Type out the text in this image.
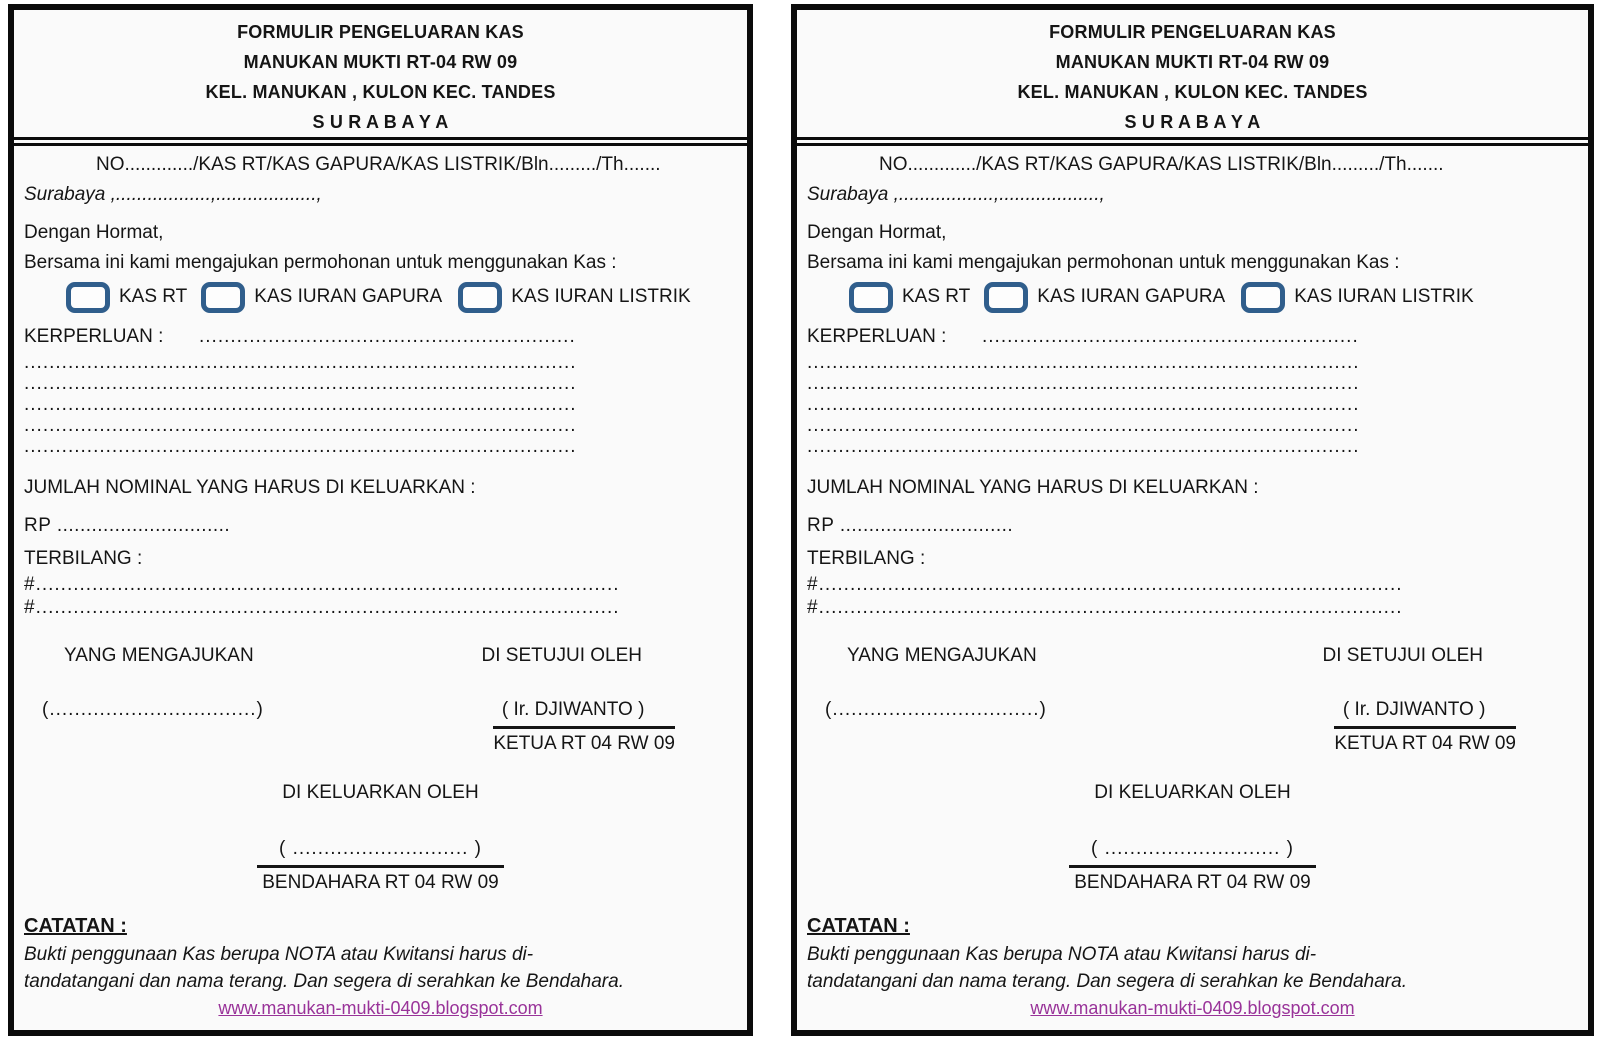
FORMULIR PENGELUARAN KAS
MANUKAN MUKTI RT-04 RW 09
KEL. MANUKAN , KULON KEC. TANDES
S U R A B A Y A
NO............./KAS RT/KAS GAPURA/KAS LISTRIK/Bln........./Th.......
Surabaya ,..................,...................,
Dengan Hormat,
Bersama ini kami mengajukan permohonan untuk menggunakan Kas :
KAS RT	KAS IURAN GAPURA	KAS IURAN LISTRIK
KERPERLUAN :	............................................................
........................................................................................
........................................................................................
........................................................................................
........................................................................................
........................................................................................
JUMLAH NOMINAL YANG HARUS DI KELUARKAN :
RP ..............................
TERBILANG :
#.............................................................................................
#.............................................................................................
YANG MENGAJUKAN	DI SETUJUI OLEH
(.................................)	( Ir. DJIWANTO )
KETUA RT 04 RW 09
DI KELUARKAN OLEH
( ............................ )
BENDAHARA RT 04 RW 09
CATATAN :
Bukti penggunaan Kas berupa NOTA atau Kwitansi harus di-
tandatangani dan nama terang. Dan segera di serahkan ke Bendahara.
www.manukan-mukti-0409.blogspot.com
FORMULIR PENGELUARAN KAS
MANUKAN MUKTI RT-04 RW 09
KEL. MANUKAN , KULON KEC. TANDES
S U R A B A Y A
NO............./KAS RT/KAS GAPURA/KAS LISTRIK/Bln........./Th.......
Surabaya ,..................,...................,
Dengan Hormat,
Bersama ini kami mengajukan permohonan untuk menggunakan Kas :
KAS RT	KAS IURAN GAPURA	KAS IURAN LISTRIK
KERPERLUAN :	............................................................
........................................................................................
........................................................................................
........................................................................................
........................................................................................
........................................................................................
JUMLAH NOMINAL YANG HARUS DI KELUARKAN :
RP ..............................
TERBILANG :
#.............................................................................................
#.............................................................................................
YANG MENGAJUKAN	DI SETUJUI OLEH
(.................................)	( Ir. DJIWANTO )
KETUA RT 04 RW 09
DI KELUARKAN OLEH
( ............................ )
BENDAHARA RT 04 RW 09
CATATAN :
Bukti penggunaan Kas berupa NOTA atau Kwitansi harus di-
tandatangani dan nama terang. Dan segera di serahkan ke Bendahara.
www.manukan-mukti-0409.blogspot.com
